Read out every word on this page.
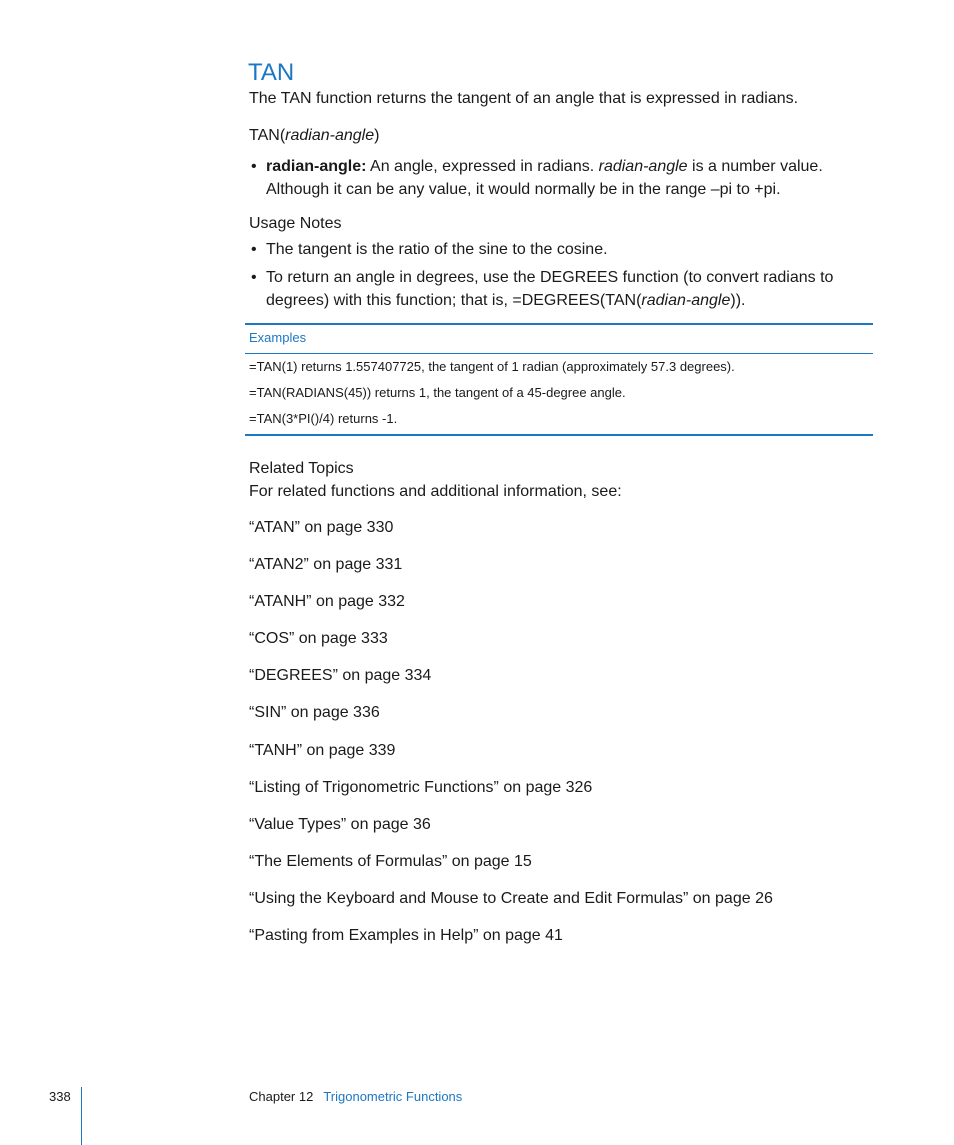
TAN
The TAN function returns the tangent of an angle that is expressed in radians.
TAN(radian-angle)
• radian-angle: An angle, expressed in radians. radian-angle is a number value.
Although it can be any value, it would normally be in the range –pi to +pi.
Usage Notes
• The tangent is the ratio of the sine to the cosine.
• To return an angle in degrees, use the DEGREES function (to convert radians to
degrees) with this function; that is, =DEGREES(TAN(radian-angle)).
Examples
=TAN(1) returns 1.557407725, the tangent of 1 radian (approximately 57.3 degrees).
=TAN(RADIANS(45)) returns 1, the tangent of a 45-degree angle.
=TAN(3*PI()/4) returns -1.
Related Topics
For related functions and additional information, see:
“ATAN” on page 330
“ATAN2” on page 331
“ATANH” on page 332
“COS” on page 333
“DEGREES” on page 334
“SIN” on page 336
“TANH” on page 339
“Listing of Trigonometric Functions” on page 326
“Value Types” on page 36
“The Elements of Formulas” on page 15
“Using the Keyboard and Mouse to Create and Edit Formulas” on page 26
“Pasting from Examples in Help” on page 41
338	Chapter 12 Trigonometric Functions
